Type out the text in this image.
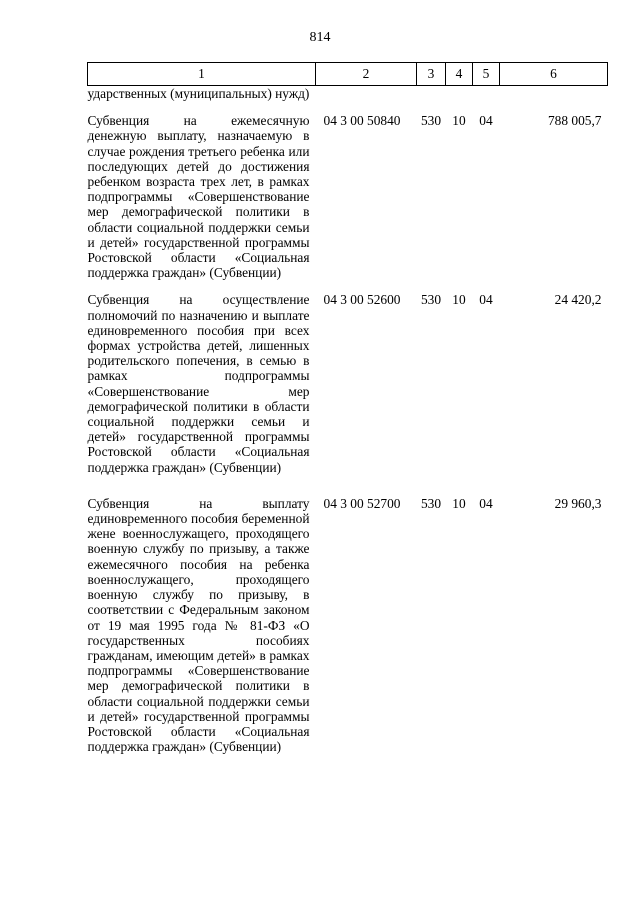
814
1	2	3	4	5	6
ударственных (муниципальных) нужд)					

Субвенция на ежемесячную денежную выплату, назначаемую в случае рождения третьего ребенка или последующих детей до достижения ребенком возраста трех лет, в рамках подпрограммы «Совершенствование мер демографической политики в области социальной поддержки семьи и детей» государственной программы Ростовской области «Социальная поддержка граждан» (Субвенции)	04 3 00 50840	530	10	04	788 005,7

Субвенция на осуществление полномочий по назначению и выплате единовременного пособия при всех формах устройства детей, лишенных родительского попечения, в семью в рамках подпрограммы «Совершенствование мер демографической политики в области социальной поддержки семьи и детей» государственной программы Ростовской области «Социальная поддержка граждан» (Субвенции)	04 3 00 52600	530	10	04	24 420,2

Субвенция на выплату единовременного пособия беременной жене военнослужащего, проходящего военную службу по призыву, а также ежемесячного пособия на ребенка военнослужащего, проходящего военную службу по призыву, в соответствии с Федеральным законом от 19 мая 1995 года № 81-ФЗ «О государственных пособиях гражданам, имеющим детей» в рамках подпрограммы «Совершенствование мер демографической политики в области социальной поддержки семьи и детей» государственной программы Ростовской области «Социальная поддержка граждан» (Субвенции)	04 3 00 52700	530	10	04	29 960,3
